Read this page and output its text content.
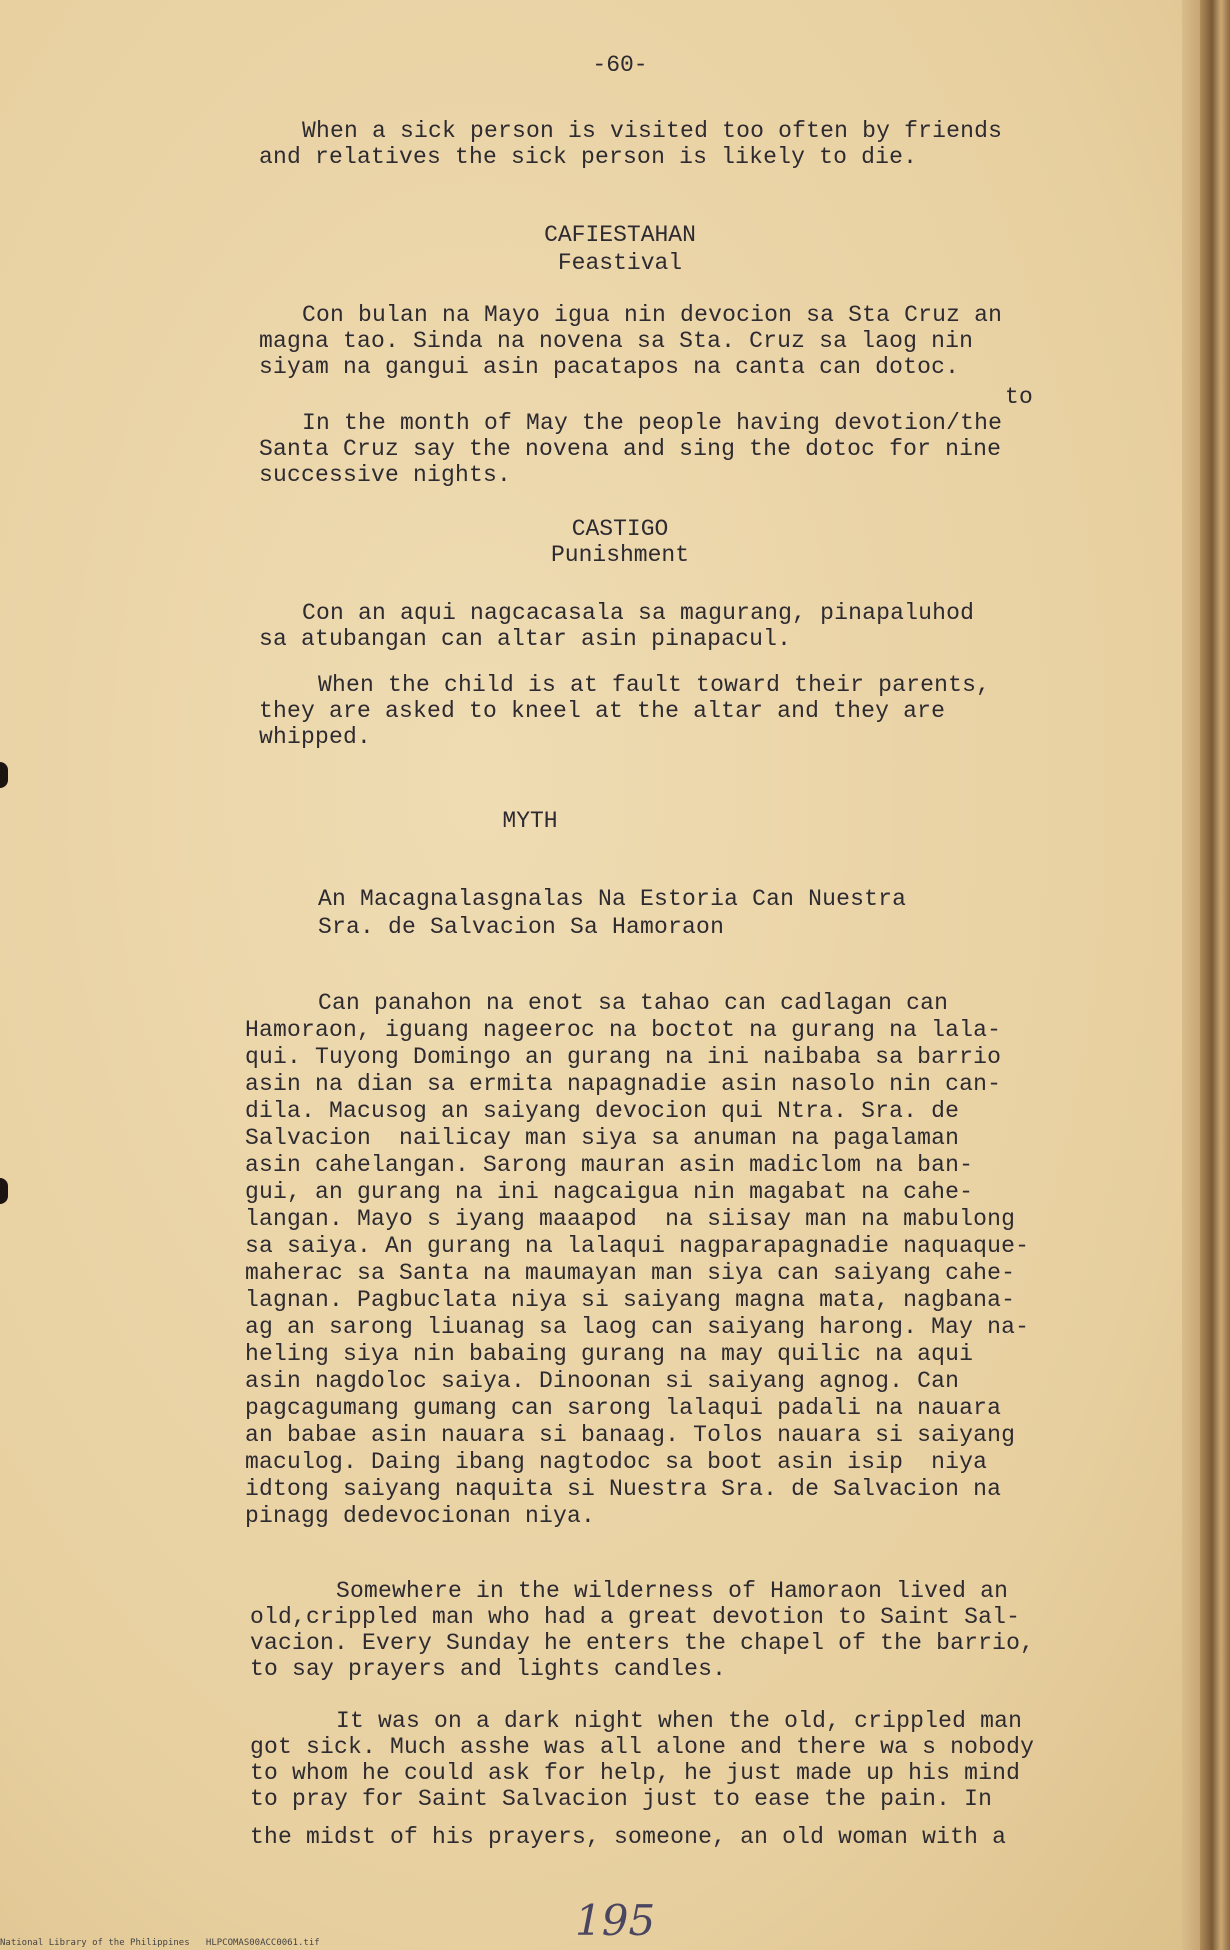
-60-
When a sick person is visited too often by friends
and relatives the sick person is likely to die.
CAFIESTAHAN
Feastival
Con bulan na Mayo igua nin devocion sa Sta Cruz an
magna tao. Sinda na novena sa Sta. Cruz sa laog nin
siyam na gangui asin pacatapos na canta can dotoc.
to
In the month of May the people having devotion/the
Santa Cruz say the novena and sing the dotoc for nine
successive nights.
CASTIGO
Punishment
Con an aqui nagcacasala sa magurang, pinapaluhod
sa atubangan can altar asin pinapacul.
When the child is at fault toward their parents,
they are asked to kneel at the altar and they are
whipped.
MYTH
An Macagnalasgnalas Na Estoria Can Nuestra
Sra. de Salvacion Sa Hamoraon
Can panahon na enot sa tahao can cadlagan can
Hamoraon, iguang nageeroc na boctot na gurang na lala-
qui. Tuyong Domingo an gurang na ini naibaba sa barrio
asin na dian sa ermita napagnadie asin nasolo nin can-
dila. Macusog an saiyang devocion qui Ntra. Sra. de
Salvacion  nailicay man siya sa anuman na pagalaman
asin cahelangan. Sarong mauran asin madiclom na ban-
gui, an gurang na ini nagcaigua nin magabat na cahe-
langan. Mayo s iyang maaapod  na siisay man na mabulong
sa saiya. An gurang na lalaqui nagparapagnadie naquaque-
maherac sa Santa na maumayan man siya can saiyang cahe-
lagnan. Pagbuclata niya si saiyang magna mata, nagbana-
ag an sarong liuanag sa laog can saiyang harong. May na-
heling siya nin babaing gurang na may quilic na aqui
asin nagdoloc saiya. Dinoonan si saiyang agnog. Can
pagcagumang gumang can sarong lalaqui padali na nauara
an babae asin nauara si banaag. Tolos nauara si saiyang
maculog. Daing ibang nagtodoc sa boot asin isip  niya
idtong saiyang naquita si Nuestra Sra. de Salvacion na
pinagg dedevocionan niya.
Somewhere in the wilderness of Hamoraon lived an
old,crippled man who had a great devotion to Saint Sal-
vacion. Every Sunday he enters the chapel of the barrio,
to say prayers and lights candles.
It was on a dark night when the old, crippled man
got sick. Much asshe was all alone and there wa s nobody
to whom he could ask for help, he just made up his mind
to pray for Saint Salvacion just to ease the pain. In
the midst of his prayers, someone, an old woman with a
195
National Library of the Philippines   HLPCOMAS00ACC0061.tif
